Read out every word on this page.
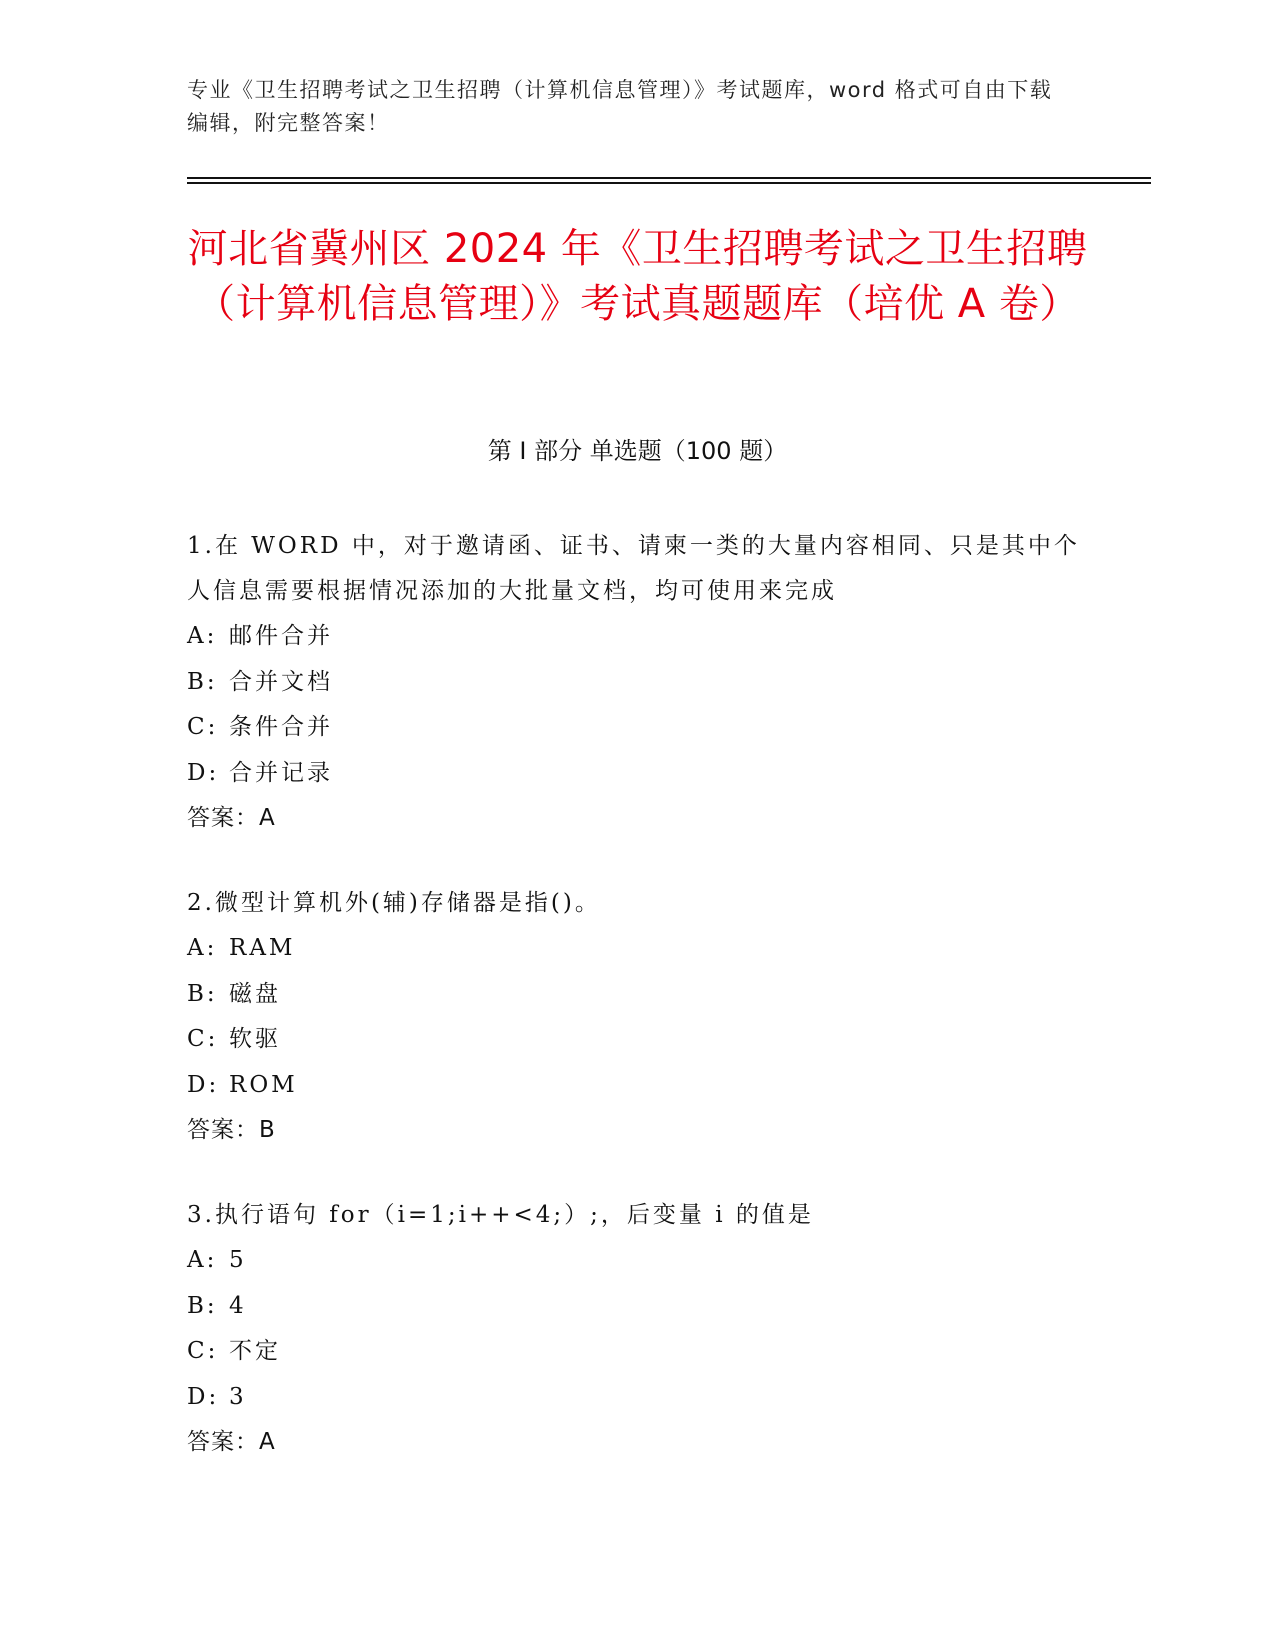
专业《卫生招聘考试之卫生招聘（计算机信息管理）》考试题库，word 格式可自由下载编辑，附完整答案！
河北省冀州区 2024 年《卫生招聘考试之卫生招聘（计算机信息管理）》考试真题题库（培优 A 卷）
第 I 部分 单选题（100 题）
1.在 WORD 中，对于邀请函、证书、请柬一类的大量内容相同、只是其中个人信息需要根据情况添加的大批量文档，均可使用来完成
A: 邮件合并
B: 合并文档
C: 条件合并
D: 合并记录
答案：A
2.微型计算机外(辅)存储器是指()。
A: RAM
B: 磁盘
C: 软驱
D: ROM
答案：B
3.执行语句 for（i=1;i++<4;）;，后变量 i 的值是
A: 5
B: 4
C: 不定
D: 3
答案：A
